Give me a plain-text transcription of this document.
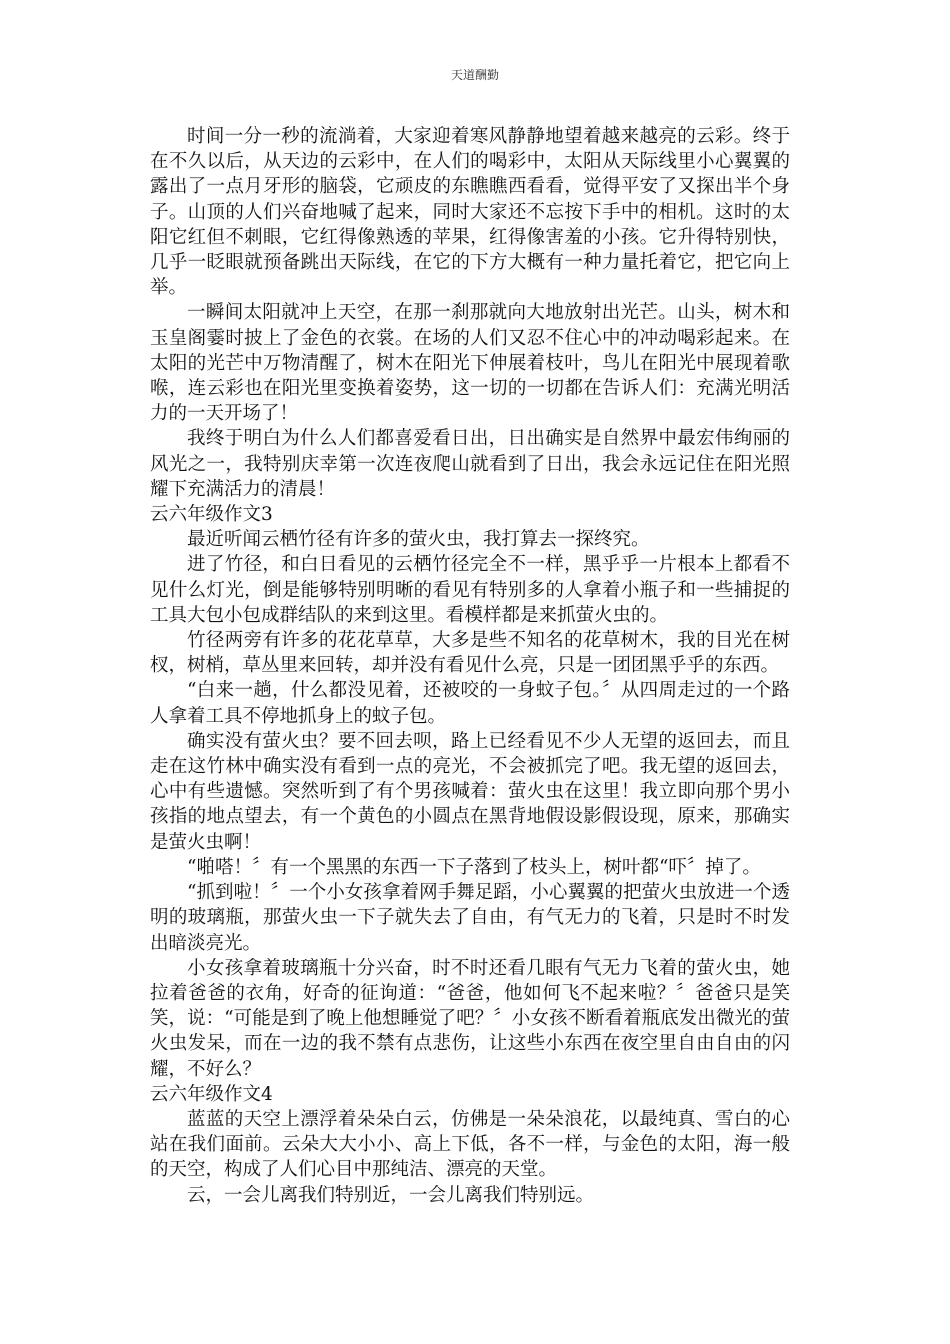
天道酬勤

时间一分一秒的流淌着，大家迎着寒风静静地望着越来越亮的云彩。终于在不久以后，从天边的云彩中，在人们的喝彩中，太阳从天际线里小心翼翼的露出了一点月牙形的脑袋，它顽皮的东瞧瞧西看看，觉得平安了又探出半个身子。山顶的人们兴奋地喊了起来，同时大家还不忘按下手中的相机。这时的太阳它红但不刺眼，它红得像熟透的苹果，红得像害羞的小孩。它升得特别快，几乎一眨眼就预备跳出天际线，在它的下方大概有一种力量托着它，把它向上举。

一瞬间太阳就冲上天空，在那一刹那就向大地放射出光芒。山头，树木和玉皇阁霎时披上了金色的衣裳。在场的人们又忍不住心中的冲动喝彩起来。在太阳的光芒中万物清醒了，树木在阳光下伸展着枝叶，鸟儿在阳光中展现着歌喉，连云彩也在阳光里变换着姿势，这一切的一切都在告诉人们：充满光明活力的一天开场了！

我终于明白为什么人们都喜爱看日出，日出确实是自然界中最宏伟绚丽的风光之一，我特别庆幸第一次连夜爬山就看到了日出，我会永远记住在阳光照耀下充满活力的清晨！

云六年级作文3

最近听闻云栖竹径有许多的萤火虫，我打算去一探终究。

进了竹径，和白日看见的云栖竹径完全不一样，黑乎乎一片根本上都看不见什么灯光，倒是能够特别明晰的看见有特别多的人拿着小瓶子和一些捕捉的工具大包小包成群结队的来到这里。看模样都是来抓萤火虫的。

竹径两旁有许多的花花草草，大多是些不知名的花草树木，我的目光在树杈，树梢，草丛里来回转，却并没有看见什么亮，只是一团团黑乎乎的东西。

“白来一趟，什么都没见着，还被咬的一身蚊子包。〞从四周走过的一个路人拿着工具不停地抓身上的蚊子包。

确实没有萤火虫？要不回去呗，路上已经看见不少人无望的返回去，而且走在这竹林中确实没有看到一点的亮光，不会被抓完了吧。我无望的返回去，心中有些遗憾。突然听到了有个男孩喊着：萤火虫在这里！我立即向那个男小孩指的地点望去，有一个黄色的小圆点在黑背地假设影假设现，原来，那确实是萤火虫啊！

“啪嗒！〞有一个黑黑的东西一下子落到了枝头上，树叶都“吓〞掉了。

“抓到啦！〞一个小女孩拿着网手舞足蹈，小心翼翼的把萤火虫放进一个透明的玻璃瓶，那萤火虫一下子就失去了自由，有气无力的飞着，只是时不时发出暗淡亮光。

小女孩拿着玻璃瓶十分兴奋，时不时还看几眼有气无力飞着的萤火虫，她拉着爸爸的衣角，好奇的征询道：“爸爸，他如何飞不起来啦？〞爸爸只是笑笑，说：“可能是到了晚上他想睡觉了吧？〞小女孩不断看着瓶底发出微光的萤火虫发呆，而在一边的我不禁有点悲伤，让这些小东西在夜空里自由自由的闪耀，不好么？

云六年级作文4

蓝蓝的天空上漂浮着朵朵白云，仿佛是一朵朵浪花，以最纯真、雪白的心站在我们面前。云朵大大小小、高上下低，各不一样，与金色的太阳，海一般的天空，构成了人们心目中那纯洁、漂亮的天堂。

云，一会儿离我们特别近，一会儿离我们特别远。
